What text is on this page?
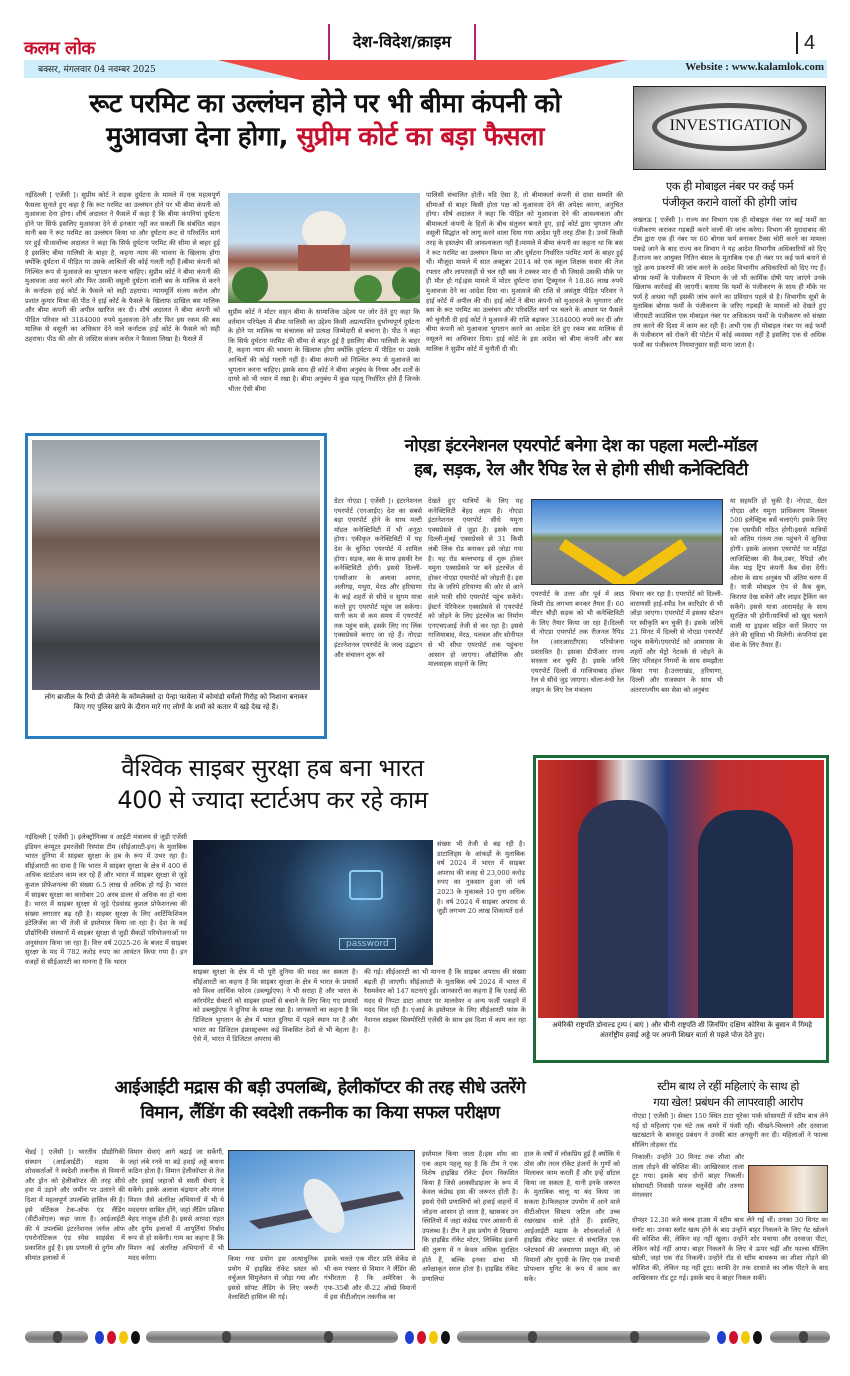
कलम लोक	देश-विदेश/क्राइम	4
बक्सर, मंगलवार 04 नवम्बर 2025	Website : www.kalamlok.com
रूट परमिट का उल्लंघन होने पर भी बीमा कंपनी को
मुआवजा देना होगा, सुप्रीम कोर्ट का बड़ा फैसला
नईदिल्ली [ एजेंसी ]। सुप्रीम कोर्ट ने सड़क दुर्घटना के मामले में एक महत्वपूर्ण फैसला सुनाते हुए कहा है कि रूट परमिट का उल्लंघन होने पर भी बीमा कंपनी को मुआवजा देना होगा। शीर्ष अदालत ने फैसले में कहा है कि बीमा कंपनियां दुर्घटना होने पर सिर्फ इसलिए मुआवजा देने से इनकार नहीं कर सकतीं कि संबंधित वाहन यानी बस ने रूट परमिट का उल्लंघन किया था और दुर्घटना रूट से परिवर्तित मार्ग पर हुई थी।सर्वोच्च अदालत ने कहा कि सिर्फ दुर्घटना परमिट की सीमा से बाहर हुई है इसलिए बीमा पालिसी के बाहर है, कहना न्याय की भावना के खिलाफ होगा क्योंकि दुर्घटना में पीड़ित या उसके आश्रितों की कोई गलती नहीं है।बीमा कंपनी को निश्चित रूप से मुआवजे का भुगतान करना चाहिए। सुप्रीम कोर्ट ने बीमा कंपनी की मुआवजा अदा करने और फिर उसकी वसूली दुर्घटना वाली बस के मालिक से करने के कर्नाटक हाई कोर्ट के फैसले को सही ठहराया। न्यायमूर्ति संजय करोल और प्रशांत कुमार मिश्रा की पीठ ने हाई कोर्ट के फैसले के खिलाफ दाखिल बस मालिक और बीमा कंपनी की अपील खारिज कर दी। शीर्ष अदालत ने बीमा कंपनी को पीड़ित परिवार को 3184000 रुपये मुआवजा देने और फिर इस रकम की बस मालिक से वसूली का अधिकार देने वाले कर्नाटक हाई कोर्ट के फैसले को सही ठहराया। पीठ की ओर से जस्टिस संजय करोल ने फैसला लिखा है। फैसले में
सुप्रीम कोर्ट ने मोटर वाहन बीमा के सामाजिक उद्देश्य पर जोर देते हुए कहा कि वर्तमान परिपेक्ष्य में बीमा पालिसी का उद्देश्य किसी अप्रत्याशित दुर्भाग्यपूर्ण दुर्घटना के होने पर मालिक या संचालक को प्रत्यक्ष जिम्मेदारी से बचाना है। पीठ ने कहा कि सिर्फ दुर्घटना परमिट की सीमा से बाहर हुई है इसलिए बीमा पालिसी के बाहर है, कहना न्याय की भावना के खिलाफ होगा क्योंकि दुर्घटना में पीड़ित या उसके आश्रितों की कोई गलती नहीं है। बीमा कंपनी को निश्चित रूप से मुआवजे का भुगतान करना चाहिए। इसके साथ ही कोर्ट ने बीमा अनुबंध के नियम और शर्तों के दायरे को भी ध्यान में रखा है। बीमा अनुबंध में कुछ पहलू निर्धारित होते हैं जिनके भीतर ऐसी बीमा
पालिसी संचालित होती। यदि ऐसा है, तो बीमाकर्ता कंपनी से दावा सम्मति की सीमाओं से बाहर किसी होता पक्ष को मुआवजा देने की अपेक्षा करना, अनुचित होगा। शीर्ष अदालत ने कहा कि पीड़ित को मुआवजा देने की आवश्यकता और बीमाकर्ता कंपनी के हितों के बीच संतुलन बनाते हुए, हाई कोर्ट द्वारा भुगतान और वसूली सिद्धांत को लागू करने वाला दिया गया आदेश पूरी तरह ठीक है। उनमें किसी तरह के हस्तक्षेप की आवश्यकता नहीं है।मामले में बीमा कंपनी का कहना था कि बस ने रूट परमिट का उल्लंघन किया था और दुर्घटना निर्धारित परमिट मार्ग के बाहर हुई थी। मौजूदा मामले में सात अक्टूबर 2014 को एक स्कूल शिक्षक सवार की तेज रफ्तार और लापरवाही से चल रही बस ने टक्कर मार दी थी जिससे उसकी मौके पर ही मौत हो गई।इस मामले में मोटर दुर्घटना दावा ट्रिब्यूनल ने 18.86 लाख रुपये मुआवजा देने का आदेश दिया था। मुआवजे की राशि से असंतुष्ट पीड़ित परिवार ने हाई कोर्ट में अपील की थी। हाई कोर्ट ने बीमा कंपनी को मुआवजे के भुगतान और बस के रूट परमिट का उल्लंघन और परिवर्तित मार्ग पर चलने के आधार पर फैसले को चुनौती दी हाई कोर्ट ने मुआवजे की राशि बढ़ाकर 3184000 रुपये कर दी और बीमा कंपनी को मुआवजा भुगतान करने का आदेश देते हुए रकम बस मालिक से वसूलने का अधिकार दिया। हाई कोर्ट के इस आदेश को बीमा कंपनी और बस मालिक ने सुप्रीम कोर्ट में चुनौती दी थी।
INVESTIGATION
एक ही मोबाइल नंबर पर कई फर्म
पंजीकृत कराने वालों की होगी जांच
लखनऊ [ एजेंसी ]। राज्य कर विभाग एक ही मोबाइल नंबर पर कई फर्मों का पंजीकरण कराकर गड़बड़ी करने वालों की जांच करेगा। विभाग की मुरादाबाद की टीम द्वारा एक ही नंबर पर 60 बोगस फर्म बनाकर टैक्स चोरी करने का मामला पकड़े जाने के बाद राज्य कर विभाग ने यह आदेश विभागीय अधिकारियों को दिए हैं।राज्य कर आयुक्त नितिन बंसल के मुताबिक एक ही नंबर पर कई फर्म बनाने से जुड़े अन्य प्रकरणों की जांच करने के आदेश विभागीय अधिकारियों को दिए गए हैं। बोगस फर्मों के पंजीकरण में विभाग के जो भी कार्मिक दोषी पाए जाएंगे उनके खिलाफ कार्रवाई की जाएगी। बताया कि फर्मों के पंजीकरण के साथ ही मौके पर फर्म है अथवा नहीं इसकी जांच करने का प्रविधान पहले से है। विभागीय सूत्रों के मुताबिक बोगस फर्मों के पंजीकरण के जरिए गड़बड़ी के मामलों को देखते हुए जीएसटी काउंसिल एक मोबाइल नंबर पर अधिकतम फर्मों के पंजीकरण को संख्या तय करने की दिशा में काम कर रही है। अभी एक ही मोबाइल नंबर पर कई फर्मों के पंजीकरण को रोकने की पोर्टल में कोई व्यवस्था नहीं है इसलिए एक से अधिक फर्मों का पंजीकरण नियमानुसार सही माना जाता है।
लोग ब्राजील के रियो डी जेनेरो के कॉम्प्लेक्सो दा पेन्हा फावेला में कोमांडो वर्मेलो गिरोह को निशाना बनाकर किए गए पुलिस छापे के दौरान मारे गए लोगों के शवों को कतार में खड़े देख रहे हैं।
नोएडा इंटरनेशनल एयरपोर्ट बनेगा देश का पहला मल्टी-मॉडल
हब, सड़क, रेल और रैपिड रेल से होगी सीधी कनेक्टिविटी
ग्रेटर नोएडा [ एजेंसी ]। इंटरनेशनल एयरपोर्ट (एनआईए) देश का सबसे बड़ा एयरपोर्ट होने के साथ मल्टी मॉडल कनेक्टिविटी में भी अनूठा होगा। एकीकृत कनेक्टिविटी में यह देश के चुनिंदा एयरपोर्ट में शामिल होगा। सड़क, बस के साथ इसकी रेल कनेक्टिविटी होगी। इससे दिल्ली-एनसीआर के अलावा आगरा, अलीगढ़, मथुरा, मेरठ और हरियाणा के कई शहरों से सीधे व सुगम यात्रा करते हुए एयरपोर्ट पहुंच जा सकेगा। यानी कम से कम समय में एयरपोर्ट तक पहुंच सके, इसके लिए नए लिंक एक्सप्रेसवे बनाए जा रहे हैं। नोएडा इंटरनेशनल एयरपोर्ट के जल्द उद्घाटन और संचालन शुरू को
देखते हुए यात्रियों के लिए यह कनेक्टिविटी बेहद अहम है। नोएडा इंटरनेशनल एयरपोर्ट सीधे यमुना एक्सप्रेसवे से जुड़ा है। इसके साथ दिल्ली-मुंबई एक्सप्रेसवे से 31 किमी लंबी लिंक रोड बनाकर इसे जोड़ा गया है। यह रोड बल्लभगढ़ से शुरू होकर यमुना एक्सप्रेसवे पर बने इंटरचेंज से होकर नोएडा एयरपोर्ट को जोड़ती है। इस रोड के जरिये हरियाणा की ओर से आने वाले यात्री सीधे एयरपोर्ट पहुंच सकेंगे। ईस्टर्न पेरिफेरल एक्सप्रेसवे से एयरपोर्ट को जोड़ने के लिए इंटरचेंज का निर्माण एनएचएआई तेजी से कर रहा है। इससे गाजियाबाद, मेरठ, पलवल और सोनीपत से भी सीधा एयरपोर्ट तक पहुंचना आसान हो जाएगा। औद्योगिक और मालवाहक वाहनों के लिए
एयरपोर्ट के उत्तर और पूर्व में आठ किमी रोड लगभग बनकर तैयार हैं। 60 मीटर चौड़ी सड़क को भी कनेक्टिविटी के लिए तैयार किया जा रहा है।दिल्ली से नोएडा एयरपोर्ट तक रीजनल रैपिड रेल (आरआरटीएस) परियोजना प्रस्तावित है। इसका डीपीआर राज्य सरकार कर चुकी है। इसके जरिये एयरपोर्ट दिल्ली से गाजियाबाद होकर रेल से सीधे जुड़ जाएगा। चोला-रुंधी रेल लाइन के लिए रेल मंत्रालय
विचार कर रहा है। एयरपोर्ट को दिल्ली-वाराणसी हाई-स्पीड रेल कारिडोर से भी जोड़ा जाएगा। एयरपोर्ट में इसका स्टेशन पर स्वीकृति बन चुकी है। इसके जरिये 21 मिनट में दिल्ली से नोएडा एयरपोर्ट पहुंच सकेंगे।एयरपोर्ट को आसपास के शहरों और मेट्रो नेटवर्क से जोड़ने के लिए परिवहन निगमों के साथ समझौता किया गया है।उत्तराखंड, हरियाणा, दिल्ली और राजस्थान के साथ भी अंतरराज्यीय बस सेवा को अनुबंध
या सहमति हो चुकी है। नोएडा, ग्रेटर नोएडा और यमुना प्राधिकरण मिलकर 500 इलेक्ट्रिक बसें चलाएंगे। इसके लिए एक एसपीवी गठित होगी।इससे यात्रियों को अंतिम गंतव्य तक पहुंचने में सुविधा होगी। इसके अलावा एयरपोर्ट पर महिंद्रा लाजिस्टिक्स की कैब,उबर, रैपिडो और मेक माइ ट्रिप कंपनी कैब सेवा देंगी। ओला के साथ अनुबंध भी अंतिम चरण में है। यात्री मोबाइल ऐप से कैब बुक, किराया देख सकेंगे और लाइव ट्रैकिंग कर सकेंगे। इससे यात्रा आरामदेह के साथ सुरक्षित भी होगी।यात्रियों को खुद चलाने वाली या ड्राइवर सहित कारें किराए पर लेने की सुविधा भी मिलेगी। कंपनियां इस सेवा के लिए तैयार हैं।
वैश्विक साइबर सुरक्षा हब बना भारत
400 से ज्यादा स्टार्टअप कर रहे काम
नईदिल्ली [ एजेंसी ]। इलेक्ट्रॉनिक्स व आईटी मंत्रालय से जुड़ी एजेंसी इंडियन कंप्यूटर इमरजेंसी रिस्पांस टीम (सीईआरटी-इन) के मुताबिक भारत दुनिया में साइबर सुरक्षा के हब के रूप में उभर रहा है। सीईआरटी का दावा है कि भारत में साइबर सुरक्षा के क्षेत्र में 400 से अधिक स्टार्टअप काम कर रहे हैं और भारत में साइबर सुरक्षा से जुड़े कुशल प्रोफेशनल्स की संख्या 6.5 लाख से अधिक हो गई है। भारत में साइबर सुरक्षा का कारोबार 20 अरब डालर से अधिक का हो चला है। भारत में साइबर सुरक्षा से जुड़े ऐडवांस्ड कुशल प्रोफेशनल्स की संख्या लगातार बढ़ रही है। साइबर सुरक्षा के लिए आर्टिफिशियल इंटेलिजेंस का भी तेजी से इस्तेमाल किया जा रहा है। देश के कई प्रौद्योगिकी संस्थानों में साइबर सुरक्षा से जुड़ी सैकड़ों परियोजनाओं पर अनुसंधान किया जा रहा है। वित्त वर्ष 2025-26 के बजट में साइबर सुरक्षा के मद में 782 करोड़ रुपए का आवंटन किया गया है। इन वजहों से सीईआरटी का मानना है कि भारत
password
संख्या भी तेजी से बढ़ रही है। डाटालिड्स के आंकड़ों के मुताबिक वर्ष 2024 में भारत में साइबर अपराध की वजह से 23,000 करोड़ रुपए का नुकसान हुआ जो वर्ष 2023 के मुकाबले 10 गुना अधिक है। वर्ष 2024 में साइबर अपराध से जुड़ी लगभग 20 लाख शिकायतें दर्ज
साइबर सुरक्षा के क्षेत्र में भी पूरी दुनिया की मदद कर सकता है। सीईआरटी का कहना है कि साइबर सुरक्षा के क्षेत्र में भारत के प्रयासों को विश्व आर्थिक फोरम (डब्ल्यूईएफ) ने भी सराहा है और भारत के कॉरपोरेट सेक्टरों को साइबर हमलों से बचाने के लिए किए गए प्रयासों को डब्ल्यूईएफ ने दुनिया के समक्ष रखा है। जानकारों का कहना है कि डिजिटल भुगतान के क्षेत्र में भारत दुनिया में पहले स्थान पर है और भारत का डिजिटल इंफ्रास्ट्रक्चर कई विकसित देशों से भी बेहतर है। ऐसे में, भारत में डिजिटल अपराध की
की गई। सीईआरटी का भी मानना है कि साइबर अपराध की संख्या बढ़ती ही जाएगी। सीईआरटी के मुताबिक वर्ष 2024 में भारत में रैंसमवेयर को 147 घटनाएं हुईं। जानकारों का कहना है कि एआई की मदद से निपटा डाटा आधार पर मालवेयर व अन्य फर्जी पकड़ने में मदद मिल रही है। एआई के इस्तेमाल के लिए सीईआरटी फांस के नेशनल साइबर सिक्योरिटी एजेंसी के साथ इस दिशा में काम कर रहा है।
अमेरिकी राष्ट्रपति डोनाल्ड ट्रम्प ( बाएं ) और चीनी राष्ट्रपति शी जिनपिंग दक्षिण कोरिया के बुसान में गिमहे अंतर्राष्ट्रीय हवाई अड्डे पर अपनी शिखर वार्ता से पहले पोज देते हुए।
आईआईटी मद्रास की बड़ी उपलब्धि, हेलीकॉप्टर की तरह सीधे उतरेंगे
विमान, लैंडिंग की स्वदेशी तकनीक का किया सफल परीक्षण
चेन्नई [ एजेंसी ]। भारतीय प्रौद्योगिकी संस्थान (आईआईटी) मद्रास के शोधकर्ताओं ने स्वदेशी तकनीक से विमानों और ड्रोन को हेलीकॉप्टर की तरह सीधे हवा में उड़ाने और जमीन पर उतारने की दिशा में महत्वपूर्ण उपलब्धि हासिल की है। इसे वर्टिकल टेक-ऑफ एंड लैंडिंग (वीटीओएल) कहा जाता है। आईआईटी की ये उपलब्धि इंटरनेशनल जर्नल ऑफ एयरोनॉटिकल एंड स्पेस साइंसेस में प्रकाशित हुई है। इस प्रणाली से दुर्गम और सीमांत इलाकों में
विमान सेवाएं आगे बढ़ाई जा सकेंगी, जहां लंबे रनवे या बड़े हवाई अड्डे बनाना कठिन होता है। विमान हेलीकॉप्टर से तेज और हवाई जहाजों से सस्ती सेवाएं दे सकेंगे। इसके अलावा चंद्रयान और मंगल मिशन जैसे अंतरिक्ष अभियानों में भी ये मददगार साबित होंगे, जहां लैंडिंग प्रक्रिया बेहद नाजुक होती है। इससे आपदा राहत और दुर्गम इलाकों में आपूर्तियां निर्बाध रूप से हो सकेंगी। गाम का कहना है कि मिशन कई अंतरिक्ष अभियानों में भी मदद करेगा।	किया गया प्रयोग इस अत्याधुनिक प्रयोग में हाइब्रिड रॉकेट थ्रस्टर को वर्चुअल सिमुलेशन से जोड़ा गया और इससे सॉफ्ट लैंडिंग के लिए जरूरी वेलासिटी हासिल की गई।
इसके चलते एक मीटर प्रति सेकेंड से भी कम रफ्तार से विमान ने लैंडिंग की गंभीरतता है कि अमेरिका के एफ-35बी और वी-22 ओस्प्रे विमानों में इस वीटीओएल तकनीक का
इस्तेमाल किया जाता है।इस शोध का एक अहम पहलू यह है कि टीम ने एक विशेष हाइब्रिड रॉकेट ईंधन विकसित किया है जिसे आक्सीडाइजर के रूप में केवल कंप्रेस्ड हवा की जरूरत होती है। इससे ऐसी प्रणालियों को हवाई वाहनों में जोड़ना आसान हो जाता है, खासकर उन स्थितियों में जहां कंप्रेस्ड एयर आसानी से उपलब्ध है। टीम ने इस प्रयोग से दिखाया कि हाइब्रिड रॉकेट मोटर, लिक्विड इंजनों की तुलना में न केवल अधिक सुरक्षित होते हैं, बल्कि इनका ढांचा भी अपेक्षाकृत सरल होता है। हाइब्रिड रॉकेट प्रणालियां
हाल के वर्षों में लोकप्रिय हुई हैं क्योंकि ये ठोस और तरल रॉकेट इंजनों के गुणों को मिलाकर काम करती हैं और इन्हें थ्रॉटल किया जा सकता है, यानी इनके जरूरत के मुताबिक चालू या बंद किया जा सकता है।फिलहाल उपयोग में आने वाले वीटीओएल सिस्टम जटिल और उच्च रखरखाव वाले होते हैं। इसलिए, आईआईटी मद्रास के शोधकर्ताओं ने हाइब्रिड रॉकेट थ्रस्टर से संचालित एक प्लेटफार्म की अवधारणा प्रस्तुत की, जो विमानों और यूएवी के लिए एक प्रभावी प्रोपल्शन यूनिट के रूप में काम कर सके।
स्टीम बाथ ले रहीं महिलाएं के साथ हो
गया खेल! प्रबंधन की लापरवाही आरोप
नोएडा [ एजेंसी ]। सेक्टर 150 स्थित टाटा यूरेका पार्क सोसायटी में स्टीम बाथ लेने गई दो महिलाएं एक घंटे तक कमरे में फंसी रहीं। चीखने-चिल्लाने और दरवाजा खटखटाने के बावजूद प्रबंधन ने उनकी बात अनसुनी कर दी। महिलाओं ने फाल्स सीलिंग तोड़कर रॉड
निकाली। उन्होंने 30 मिनट तक शीशा और ताला तोड़ने की कोशिश की। आखिरकार ताला टूट गया। इसके बाद दोनों बाहर निकलीं। सोसायटी निवासी पारुल चतुर्वेदी और तरुणा मंगलवार
दोपहर 12.30 बजे क्लब हाउस में स्टीम बाथ लेने गई थीं। उनका 30 मिनट का स्लॉट था। उनका स्लॉट खत्म होने के बाद उन्होंने बाहर निकलने के लिए गेट खोलने की कोशिश की, लेकिन वह नहीं खुला। उन्होंने शोर मचाया और दरवाजा पीटा, लेकिन कोई नहीं आया। बाहर निकलने के लिए वे ऊपर चढ़ीं और फाल्स सीलिंग खोली, जहां एक रॉड निकली। उन्होंने रॉड से स्टीम बाथरूम का शीशा तोड़ने की कोशिश की, लेकिन यह नहीं टूटा। काफी देर तक दरवाजे का लॉक पीटने के बाद आखिरकार रॉड टूट गई। इसके बाद वे बाहर निकल सकीं।
